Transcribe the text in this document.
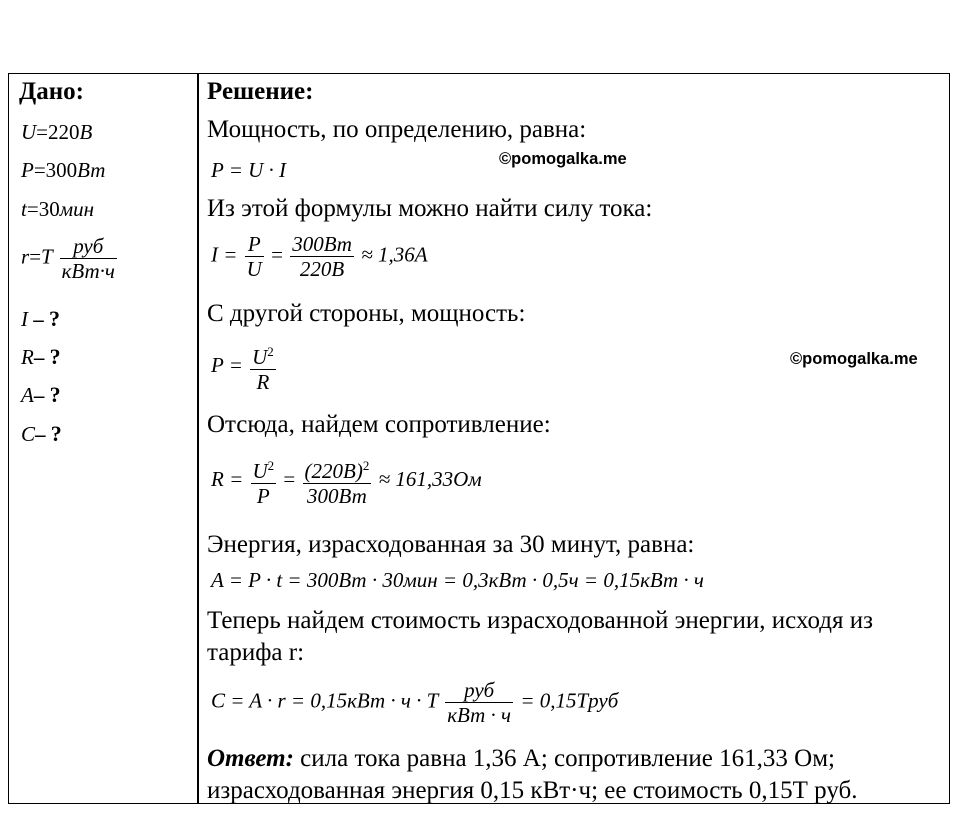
Дано:
U=220В
P=300Вт
t=30мин
$r=T \frac{\text{руб}}{\text{кВт·ч}}$
I – ?
R– ?
A– ?
C– ?
Решение:
Мощность, по определению, равна:
P = U · I
Из этой формулы можно найти силу тока:
$I = \frac{P}{U} = \frac{300Вт}{220В} \approx 1,36A$
С другой стороны, мощность:
$P = \frac{U^2}{R}$
Отсюда, найдем сопротивление:
$R = \frac{U^2}{P} = \frac{(220В)^2}{300Вт} \approx 161,33Ом$
Энергия, израсходованная за 30 минут, равна:
A = P · t = 300Вт · 30мин = 0,3кВт · 0,5ч = 0,15кВт · ч
Теперь найдем стоимость израсходованной энергии, исходя из
тарифа r:
C = A · r = 0,15кВт · ч · T $\frac{\text{руб}}{\text{кВт · ч}}$ = 0,15Tруб
Ответ: сила тока равна 1,36 А; сопротивление 161,33 Ом;
израсходованная энергия 0,15 кВт·ч; ее стоимость 0,15Т руб.
©pomogalka.me
©pomogalka.me
